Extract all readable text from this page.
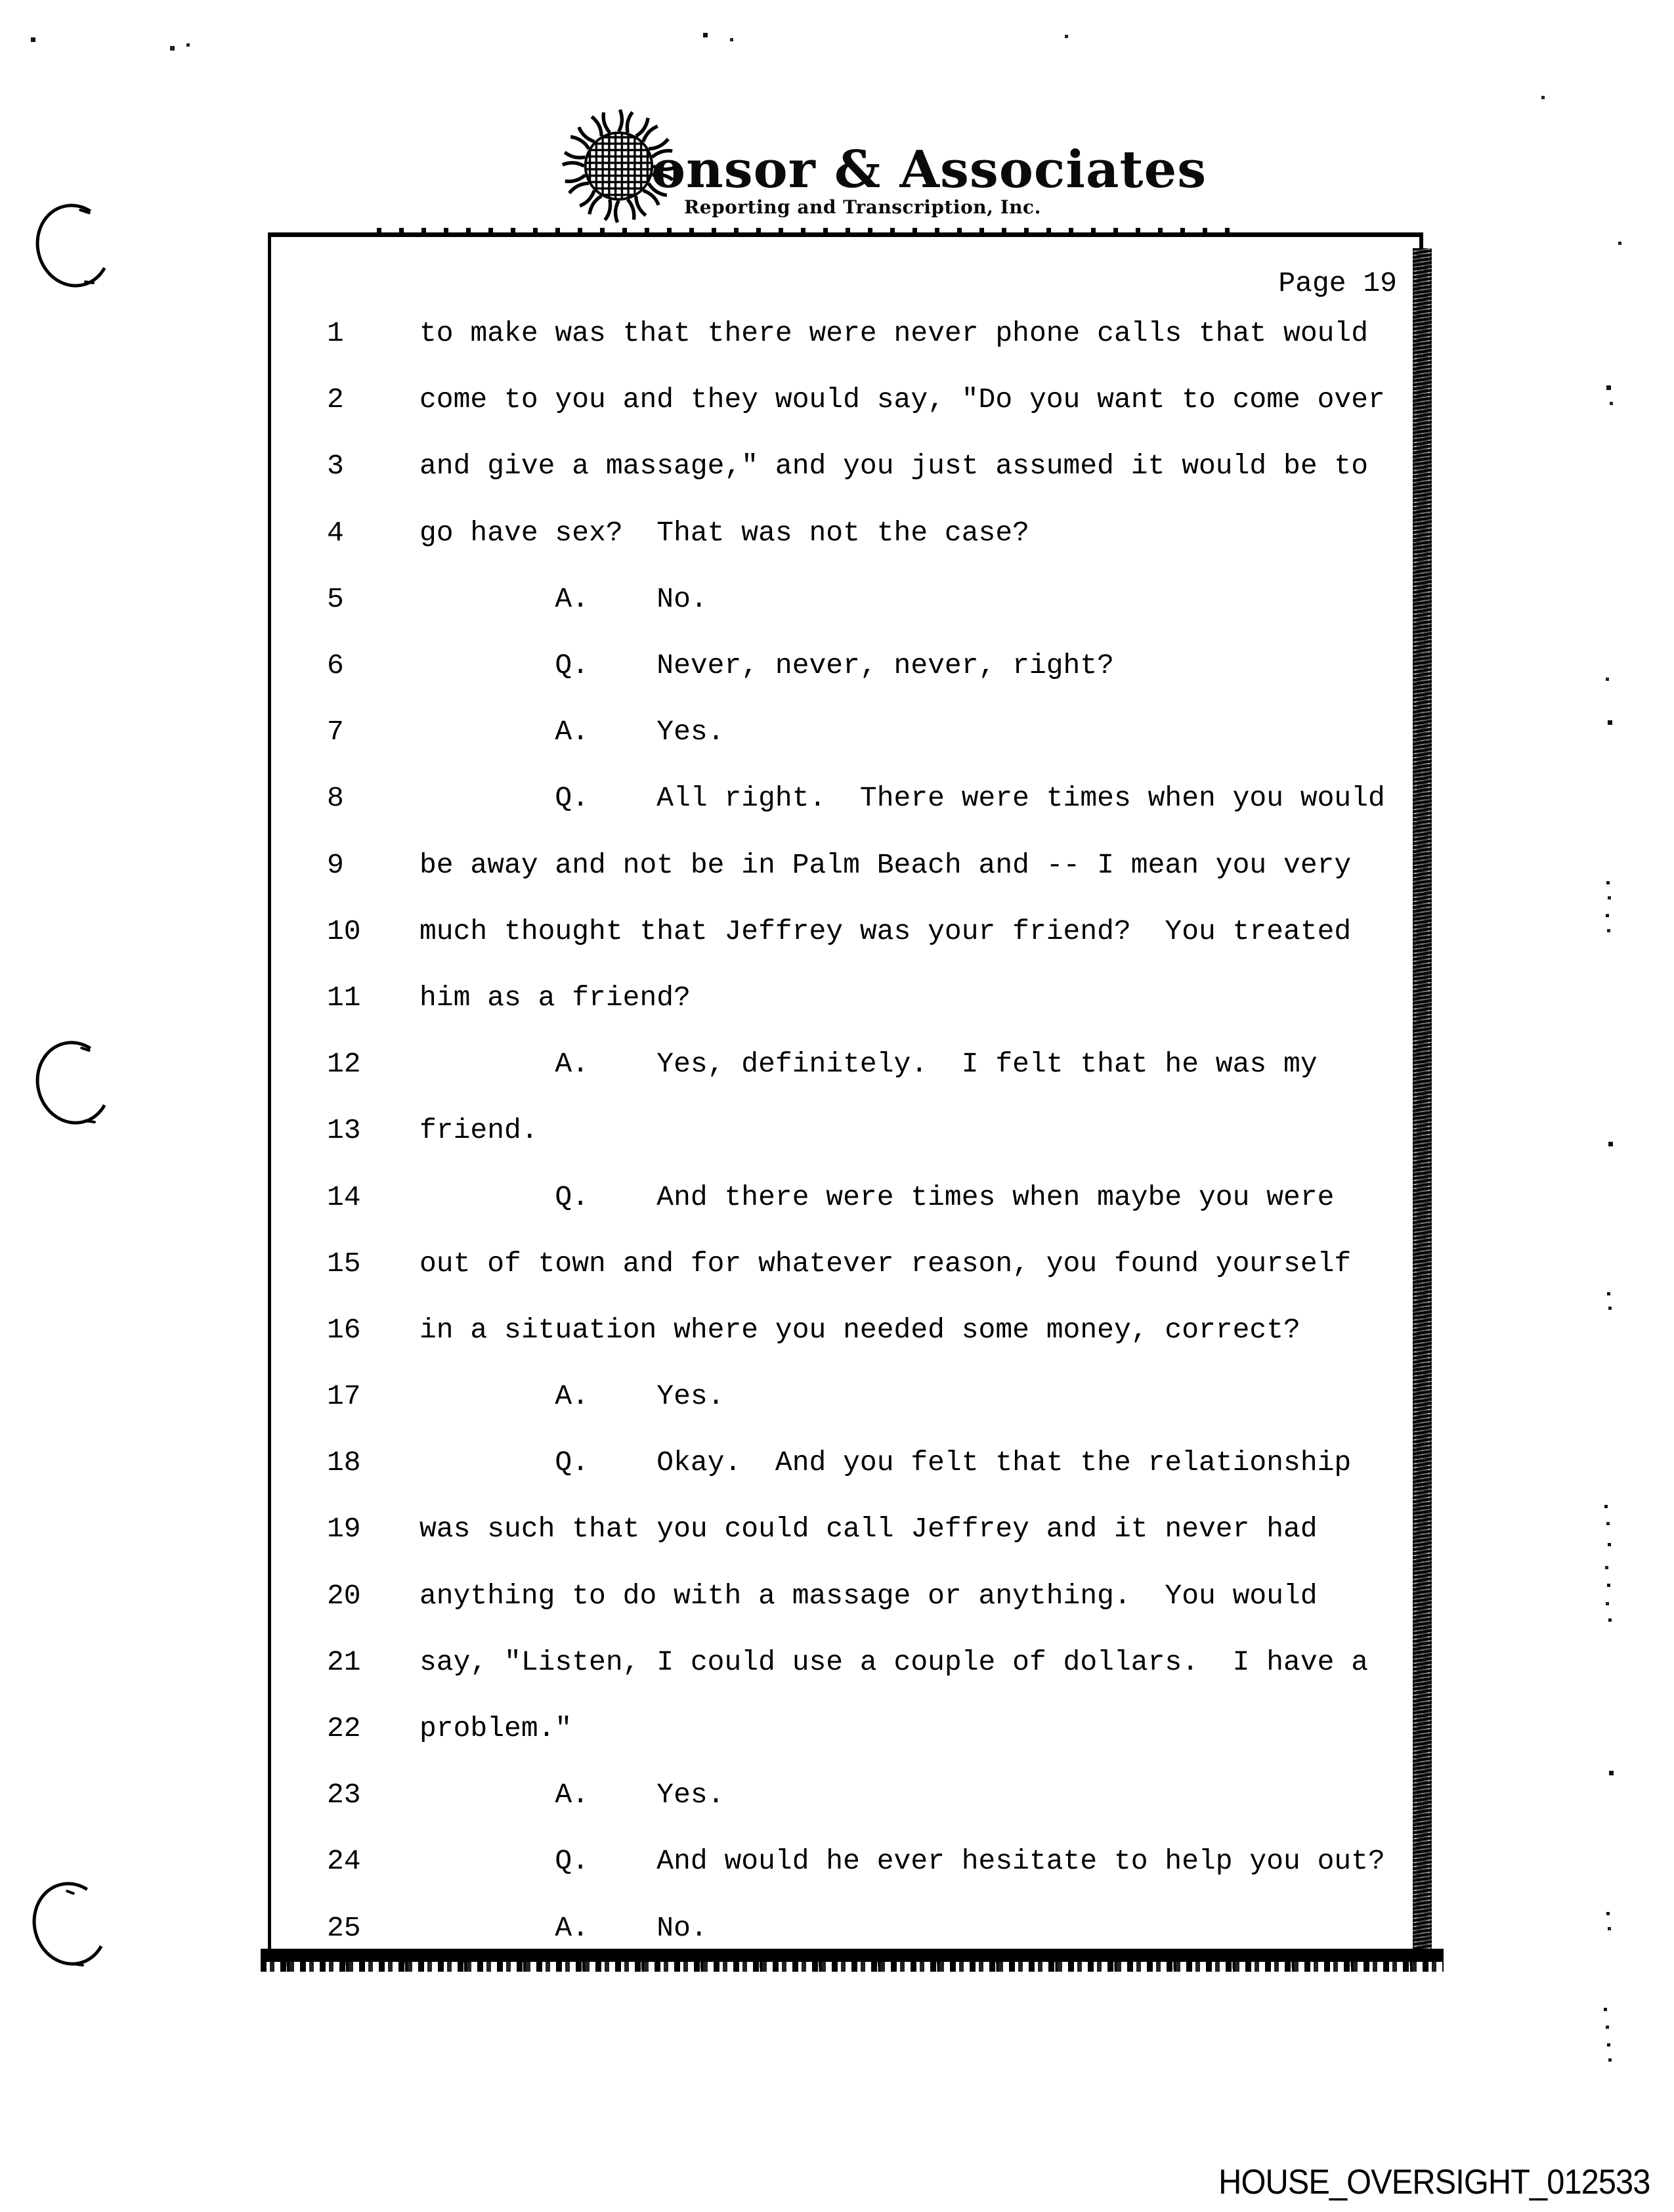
onsor & Associates
Reporting and Transcription, Inc.
Page 19
1	to make was that there were never phone calls that would
2	come to you and they would say, "Do you want to come over
3	and give a massage," and you just assumed it would be to
4	go have sex?  That was not the case?
5	A.    No.
6	Q.    Never, never, never, right?
7	A.    Yes.
8	Q.    All right.  There were times when you would
9	be away and not be in Palm Beach and -- I mean you very
10	much thought that Jeffrey was your friend?  You treated
11	him as a friend?
12	A.    Yes, definitely.  I felt that he was my
13	friend.
14	Q.    And there were times when maybe you were
15	out of town and for whatever reason, you found yourself
16	in a situation where you needed some money, correct?
17	A.    Yes.
18	Q.    Okay.  And you felt that the relationship
19	was such that you could call Jeffrey and it never had
20	anything to do with a massage or anything.  You would
21	say, "Listen, I could use a couple of dollars.  I have a
22	problem."
23	A.    Yes.
24	Q.    And would he ever hesitate to help you out?
25	A.    No.
HOUSE_OVERSIGHT_012533
